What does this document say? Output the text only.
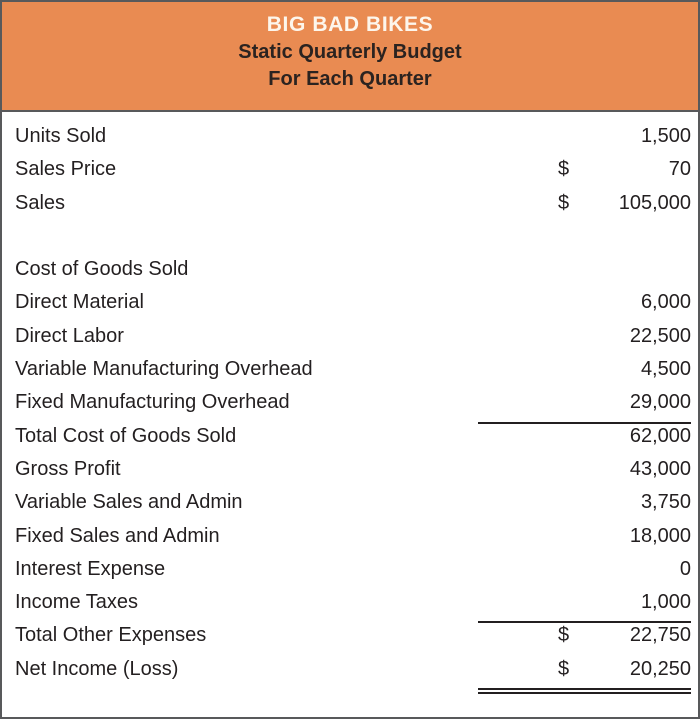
BIG BAD BIKES
Static Quarterly Budget
For Each Quarter
Units Sold		1,500

Sales Price	$	70

Sales	$	105,000

Cost of Goods Sold		

Direct Material		6,000

Direct Labor		22,500

Variable Manufacturing Overhead		4,500

Fixed Manufacturing Overhead		29,000

Total Cost of Goods Sold		62,000

Gross Profit		43,000

Variable Sales and Admin		3,750

Fixed Sales and Admin		18,000

Interest Expense		0

Income Taxes		1,000

Total Other Expenses	$	22,750

Net Income (Loss)	$	20,250
